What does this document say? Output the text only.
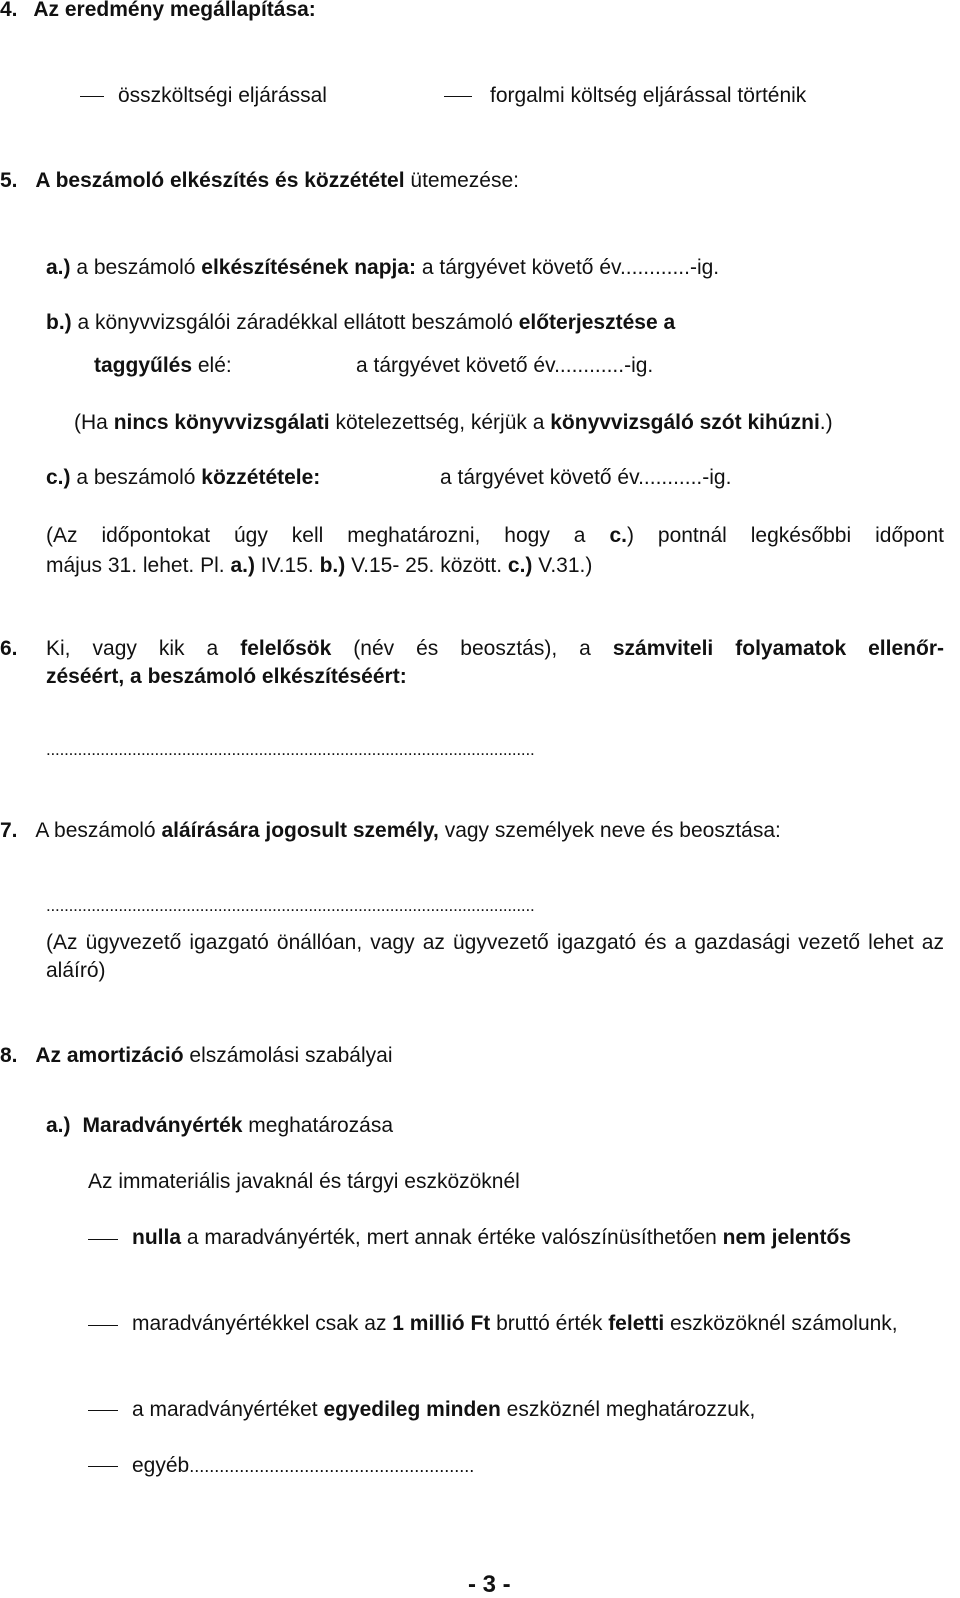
4. Az eredmény megállapítása:
összköltségi eljárással	forgalmi költség eljárással történik
5. A beszámoló elkészítés és közzététel ütemezése:
a.) a beszámoló elkészítésének napja: a tárgyévet követő év............-ig.
b.) a könyvvizsgálói záradékkal ellátott beszámoló előterjesztése a
taggyűlés elé:	a tárgyévet követő év............-ig.
(Ha nincs könyvvizsgálati kötelezettség, kérjük a könyvvizsgáló szót kihúzni.)
c.) a beszámoló közzététele:	a tárgyévet követő év...........-ig.
(Az időpontokat úgy kell meghatározni, hogy a c.) pontnál legkésőbbi időpont
május 31. lehet. Pl. a.) IV.15. b.) V.15- 25. között. c.) V.31.)
6. Ki, vagy kik a felelősök (név és beosztás), a számviteli folyamatok ellenőr-
zéséért, a beszámoló elkészítéséért:
............................................................................................................
7. A beszámoló aláírására jogosult személy, vagy személyek neve és beosztása:
............................................................................................................
(Az ügyvezető igazgató önállóan, vagy az ügyvezető igazgató és a gazdasági vezető lehet az aláíró)
8. Az amortizáció elszámolási szabályai
a.) Maradványérték meghatározása
Az immateriális javaknál és tárgyi eszközöknél
nulla a maradványérték, mert annak értéke valószínüsíthetően nem jelentős
maradványértékkel csak az 1 millió Ft bruttó érték feletti eszközöknél számolunk,
a maradványértéket egyedileg minden eszköznél meghatározzuk,
egyéb.........................................................
- 3 -
